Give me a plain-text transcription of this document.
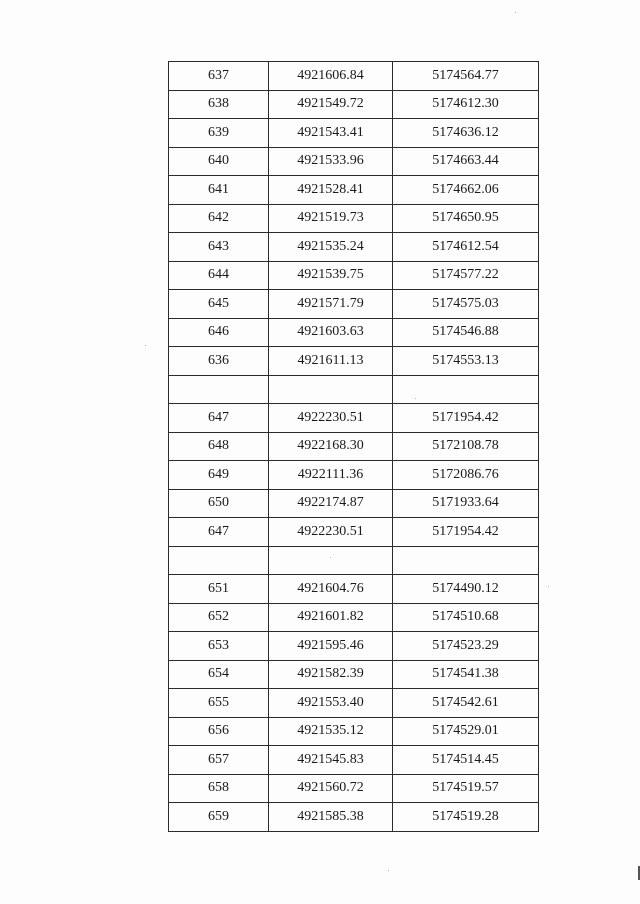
637	4921606.84	5174564.77
638	4921549.72	5174612.30
639	4921543.41	5174636.12
640	4921533.96	5174663.44
641	4921528.41	5174662.06
642	4921519.73	5174650.95
643	4921535.24	5174612.54
644	4921539.75	5174577.22
645	4921571.79	5174575.03
646	4921603.63	5174546.88
636	4921611.13	5174553.13

647	4922230.51	5171954.42
648	4922168.30	5172108.78
649	4922111.36	5172086.76
650	4922174.87	5171933.64
647	4922230.51	5171954.42

651	4921604.76	5174490.12
652	4921601.82	5174510.68
653	4921595.46	5174523.29
654	4921582.39	5174541.38
655	4921553.40	5174542.61
656	4921535.12	5174529.01
657	4921545.83	5174514.45
658	4921560.72	5174519.57
659	4921585.38	5174519.28
